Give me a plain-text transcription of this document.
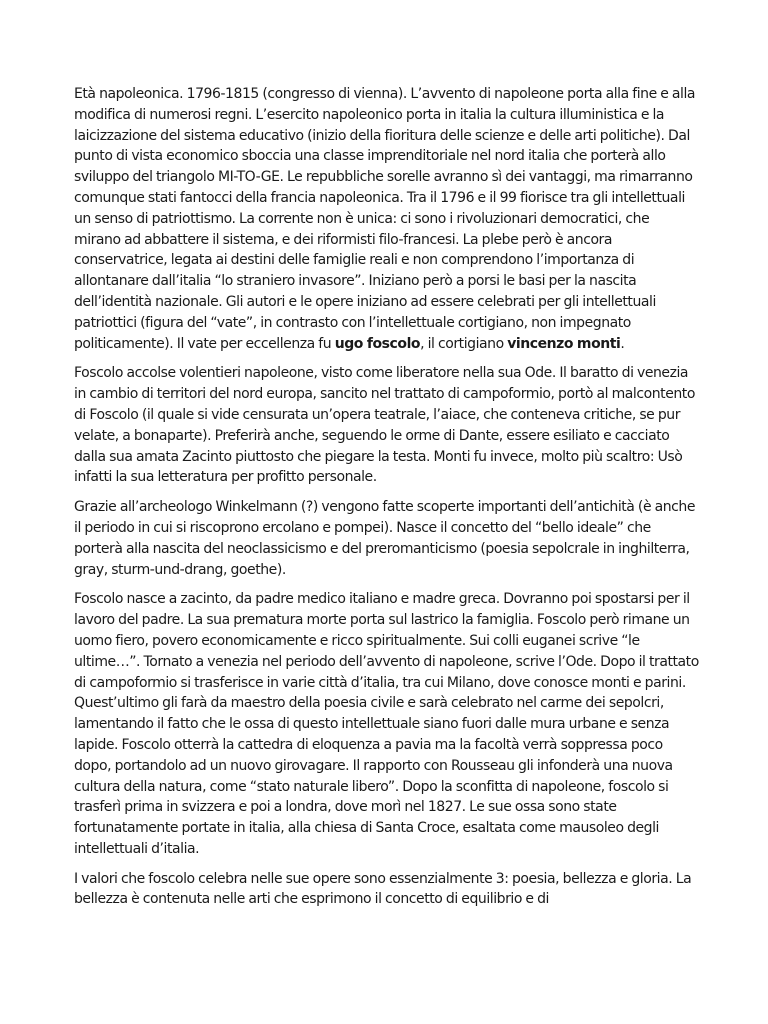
Età napoleonica. 1796-1815 (congresso di vienna). L’avvento di napoleone porta alla fine e alla modifica di numerosi regni. L’esercito napoleonico porta in italia la cultura illuministica e la laicizzazione del sistema educativo (inizio della fioritura delle scienze e delle arti politiche). Dal punto di vista economico sboccia una classe imprenditoriale nel nord italia che porterà allo sviluppo del triangolo MI-TO-GE. Le repubbliche sorelle avranno sì dei vantaggi, ma rimarranno comunque stati fantocci della francia napoleonica. Tra il 1796 e il 99 fiorisce tra gli intellettuali un senso di patriottismo. La corrente non è unica: ci sono i rivoluzionari democratici, che mirano ad abbattere il sistema, e dei riformisti filo-francesi. La plebe però è ancora conservatrice, legata ai destini delle famiglie reali e non comprendono l’importanza di allontanare dall’italia “lo straniero invasore”. Iniziano però a porsi le basi per la nascita dell’identità nazionale. Gli autori e le opere iniziano ad essere celebrati per gli intellettuali patriottici (figura del “vate”, in contrasto con l’intellettuale cortigiano, non impegnato politicamente). Il vate per eccellenza fu ugo foscolo, il cortigiano vincenzo monti.

Foscolo accolse volentieri napoleone, visto come liberatore nella sua Ode. Il baratto di venezia in cambio di territori del nord europa, sancito nel trattato di campoformio, portò al malcontento di Foscolo (il quale si vide censurata un’opera teatrale, l’aiace, che conteneva critiche, se pur velate, a bonaparte). Preferirà anche, seguendo le orme di Dante, essere esiliato e cacciato dalla sua amata Zacinto piuttosto che piegare la testa. Monti fu invece, molto più scaltro: Usò infatti la sua letteratura per profitto personale.

Grazie all’archeologo Winkelmann (?) vengono fatte scoperte importanti dell’antichità (è anche il periodo in cui si riscoprono ercolano e pompei). Nasce il concetto del “bello ideale” che porterà alla nascita del neoclassicismo e del preromanticismo (poesia sepolcrale in inghilterra, gray, sturm-und-drang, goethe).

Foscolo nasce a zacinto, da padre medico italiano e madre greca. Dovranno poi spostarsi per il lavoro del padre. La sua prematura morte porta sul lastrico la famiglia. Foscolo però rimane un uomo fiero, povero economicamente e ricco spiritualmente. Sui colli euganei scrive “le ultime…”. Tornato a venezia nel periodo dell’avvento di napoleone, scrive l’Ode. Dopo il trattato di campoformio si trasferisce in varie città d’italia, tra cui Milano, dove conosce monti e parini. Quest’ultimo gli farà da maestro della poesia civile e sarà celebrato nel carme dei sepolcri, lamentando il fatto che le ossa di questo intellettuale siano fuori dalle mura urbane e senza lapide. Foscolo otterrà la cattedra di eloquenza a pavia ma la facoltà verrà soppressa poco dopo, portandolo ad un nuovo girovagare. Il rapporto con Rousseau gli infonderà una nuova cultura della natura, come “stato naturale libero”. Dopo la sconfitta di napoleone, foscolo si trasferì prima in svizzera e poi a londra, dove morì nel 1827. Le sue ossa sono state fortunatamente portate in italia, alla chiesa di Santa Croce, esaltata come mausoleo degli intellettuali d’italia.

I valori che foscolo celebra nelle sue opere sono essenzialmente 3: poesia, bellezza e gloria. La bellezza è contenuta nelle arti che esprimono il concetto di equilibrio e di
